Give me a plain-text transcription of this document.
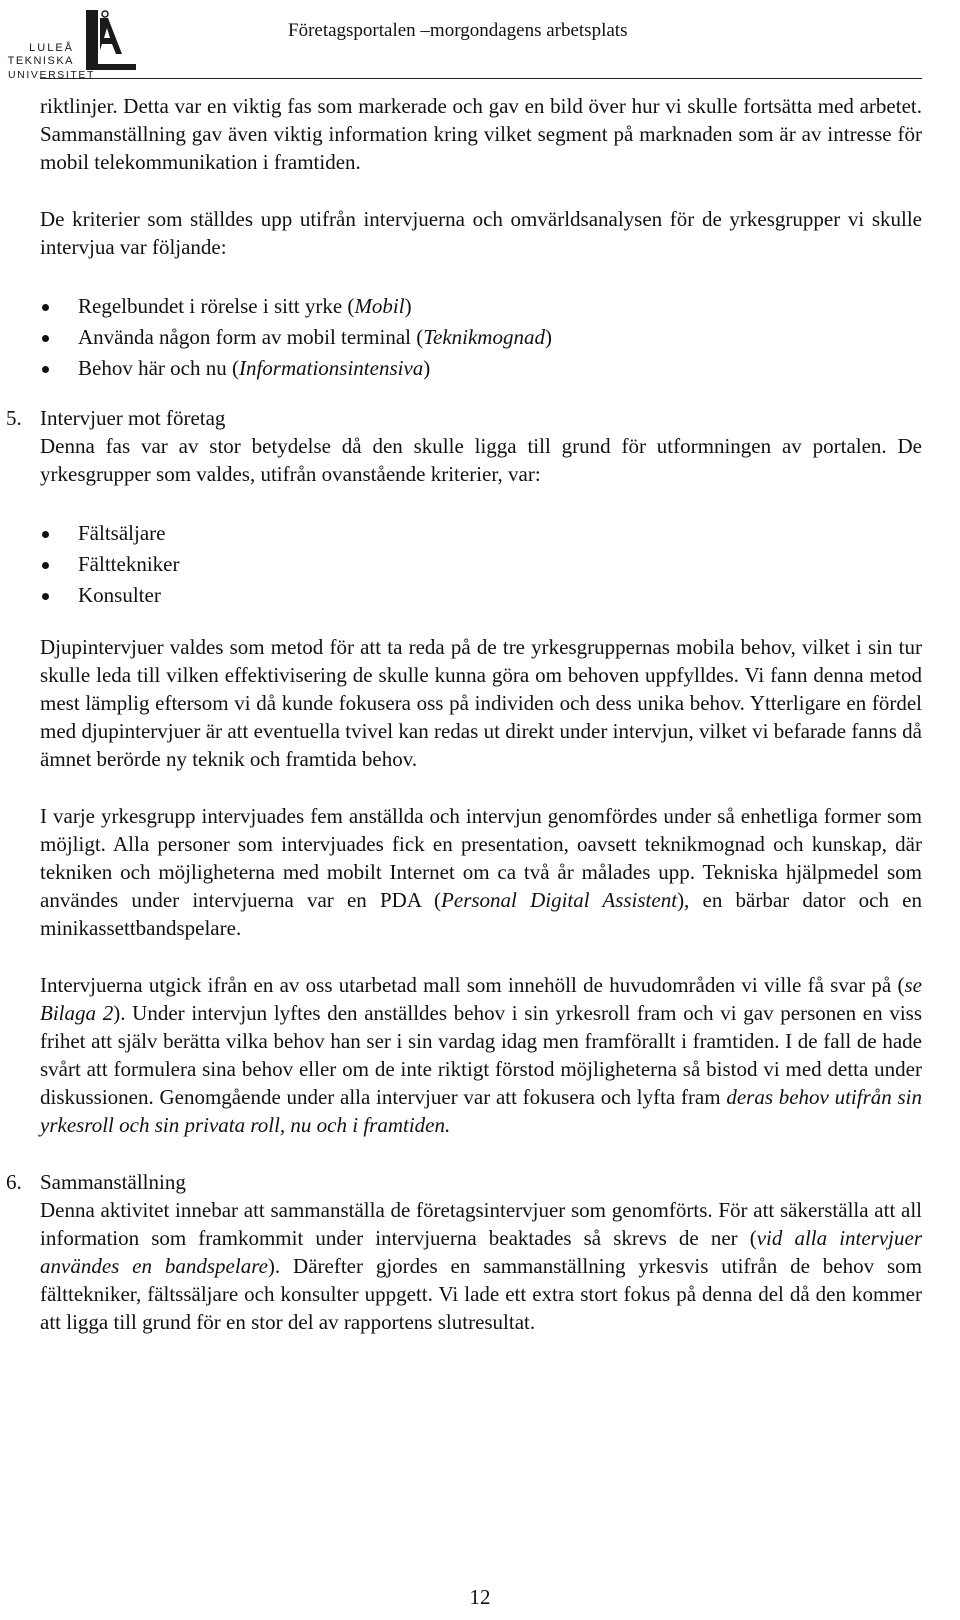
LULEÅ
TEKNISKA
UNIVERSITET
Företagsportalen –morgondagens arbetsplats

riktlinjer. Detta var en viktig fas som markerade och gav en bild över hur vi skulle fortsätta med arbetet. Sammanställning gav även viktig information kring vilket segment på marknaden som är av intresse för mobil telekommunikation i framtiden.

De kriterier som ställdes upp utifrån intervjuerna och omvärldsanalysen för de yrkesgrupper vi skulle intervjua var följande:

Regelbundet i rörelse i sitt yrke (Mobil)
Använda någon form av mobil terminal (Teknikmognad)
Behov här och nu (Informationsintensiva)
5. Intervjuer mot företag

Denna fas var av stor betydelse då den skulle ligga till grund för utformningen av portalen. De yrkesgrupper som valdes, utifrån ovanstående kriterier, var:

Fältsäljare
Fälttekniker
Konsulter

Djupintervjuer valdes som metod för att ta reda på de tre yrkesgruppernas mobila behov, vilket i sin tur skulle leda till vilken effektivisering de skulle kunna göra om behoven uppfylldes. Vi fann denna metod mest lämplig eftersom vi då kunde fokusera oss på individen och dess unika behov. Ytterligare en fördel med djupintervjuer är att eventuella tvivel kan redas ut direkt under intervjun, vilket vi befarade fanns då ämnet berörde ny teknik och framtida behov.

I varje yrkesgrupp intervjuades fem anställda och intervjun genomfördes under så enhetliga former som möjligt. Alla personer som intervjuades fick en presentation, oavsett teknikmognad och kunskap, där tekniken och möjligheterna med mobilt Internet om ca två år målades upp. Tekniska hjälpmedel som användes under intervjuerna var en PDA (Personal Digital Assistent), en bärbar dator och en minikassettbandspelare.

Intervjuerna utgick ifrån en av oss utarbetad mall som innehöll de huvudområden vi ville få svar på (se Bilaga 2). Under intervjun lyftes den anställdes behov i sin yrkesroll fram och vi gav personen en viss frihet att själv berätta vilka behov han ser i sin vardag idag men framförallt i framtiden. I de fall de hade svårt att formulera sina behov eller om de inte riktigt förstod möjligheterna så bistod vi med detta under diskussionen. Genomgående under alla intervjuer var att fokusera och lyfta fram deras behov utifrån sin yrkesroll och sin privata roll, nu och i framtiden.

6. Sammanställning

Denna aktivitet innebar att sammanställa de företagsintervjuer som genomförts. För att säkerställa att all information som framkommit under intervjuerna beaktades så skrevs de ner (vid alla intervjuer användes en bandspelare). Därefter gjordes en sammanställning yrkesvis utifrån de behov som fälttekniker, fältssäljare och konsulter uppgett. Vi lade ett extra stort fokus på denna del då den kommer att ligga till grund för en stor del av rapportens slutresultat.

12
